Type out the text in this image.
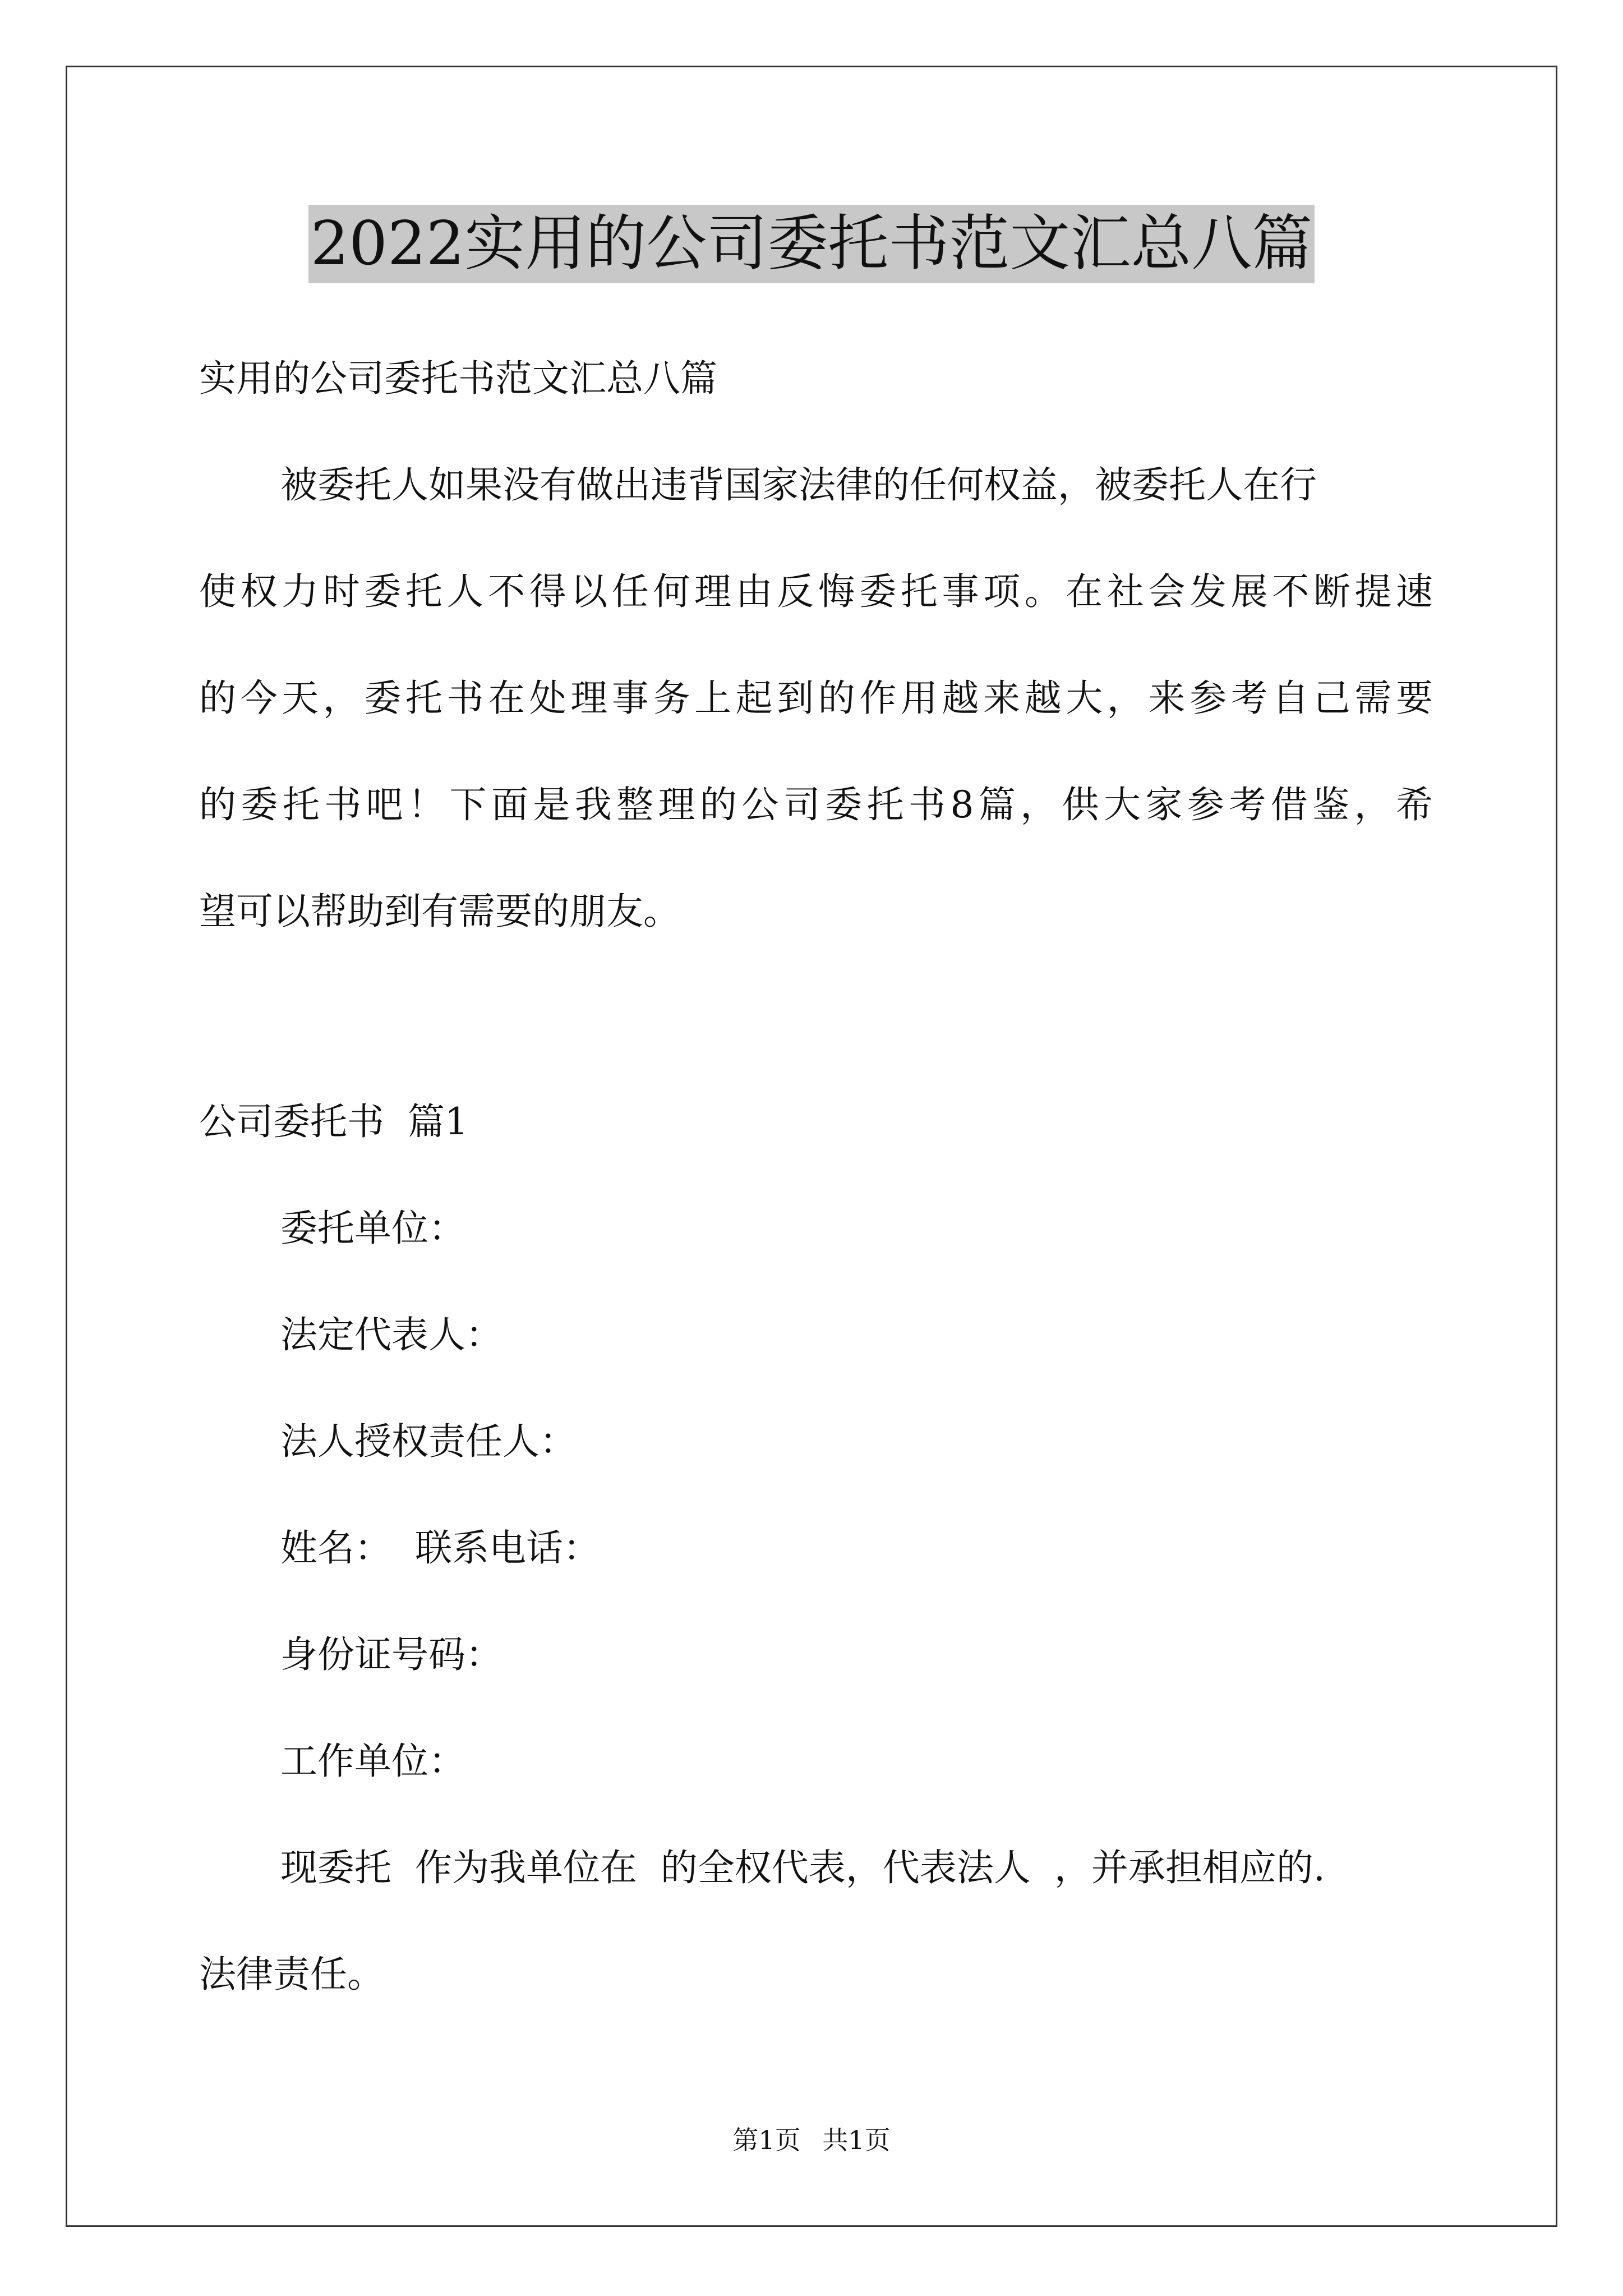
2022实用的公司委托书范文汇总八篇
实用的公司委托书范文汇总八篇
被委托人如果没有做出违背国家法律的任何权益，被委托人在行
使权力时委托人不得以任何理由反悔委托事项。在社会发展不断提速
的今天，委托书在处理事务上起到的作用越来越大，来参考自己需要
的委托书吧！下面是我整理的公司委托书8篇，供大家参考借鉴，希
望可以帮助到有需要的朋友。
公司委托书  篇1
委托单位：
法定代表人：
法人授权责任人：
姓名：  联系电话：
身份证号码：
工作单位：
现委托  作为我单位在  的全权代表，代表法人  ，并承担相应的.
法律责任。
第1页 共1页
